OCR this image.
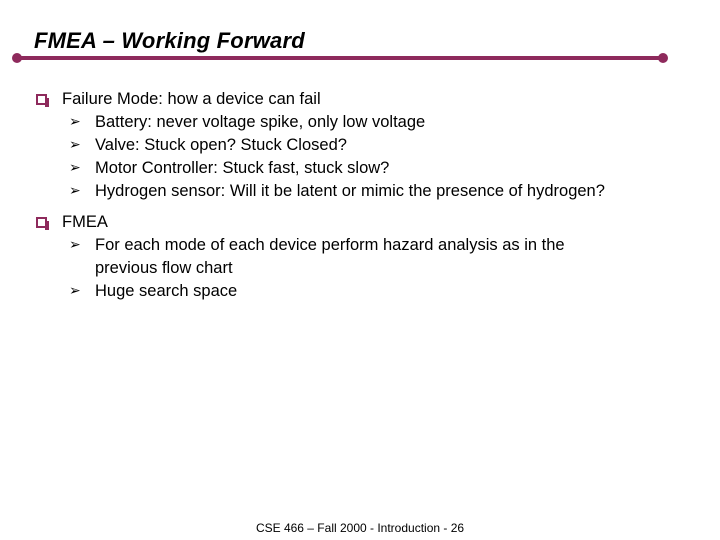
FMEA – Working Forward
Failure Mode: how a device can fail
➢ Battery: never voltage spike, only low voltage
➢ Valve: Stuck open? Stuck Closed?
➢ Motor Controller: Stuck fast, stuck slow?
➢ Hydrogen sensor: Will it be latent or mimic the presence of hydrogen?
FMEA
➢ For each mode of each device perform hazard analysis as in the previous flow chart
➢ Huge search space
CSE 466 – Fall 2000 - Introduction - 26
